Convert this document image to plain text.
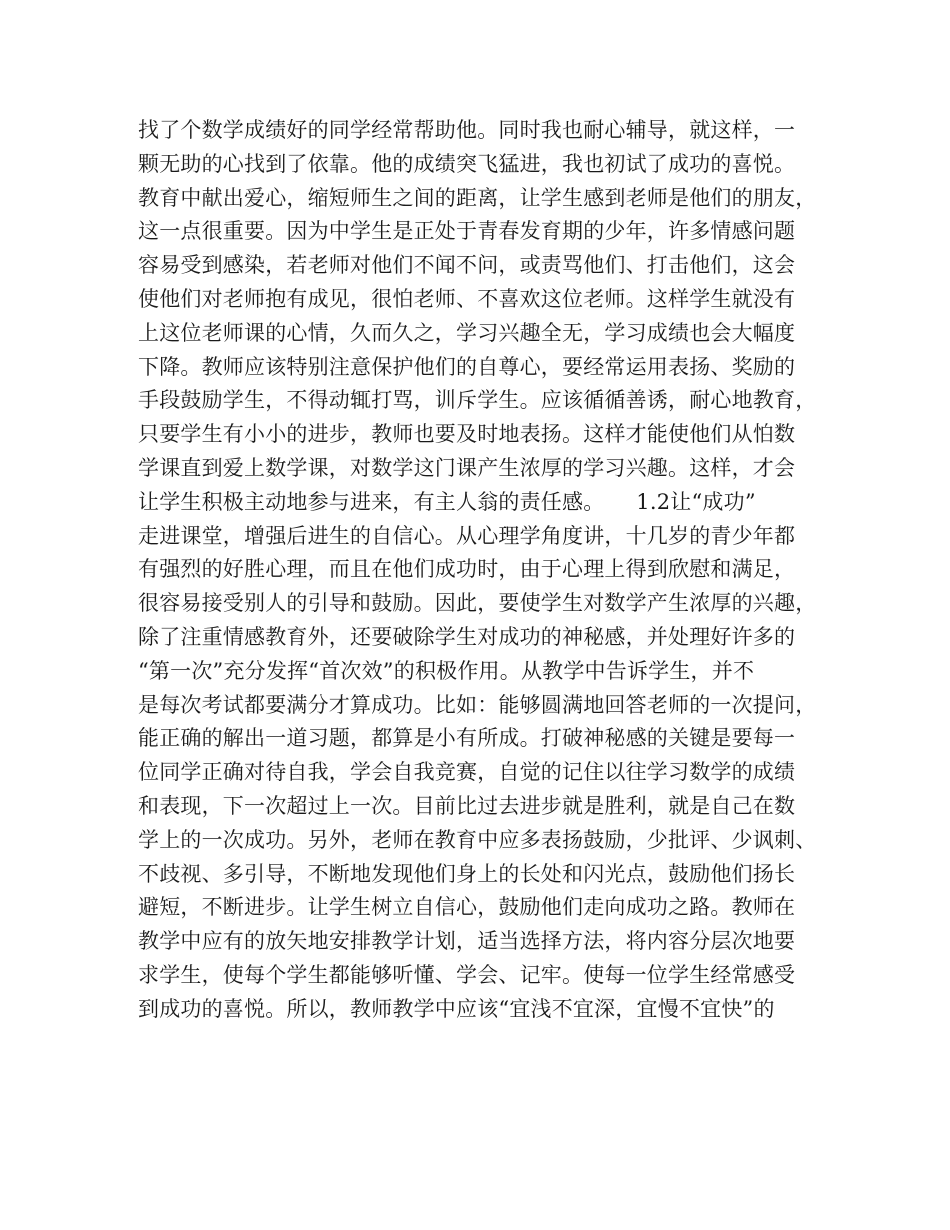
找了个数学成绩好的同学经常帮助他。同时我也耐心辅导，就这样，一
颗无助的心找到了依靠。他的成绩突飞猛进，我也初试了成功的喜悦。
教育中献出爱心，缩短师生之间的距离，让学生感到老师是他们的朋友，
这一点很重要。因为中学生是正处于青春发育期的少年，许多情感问题
容易受到感染，若老师对他们不闻不问，或责骂他们、打击他们，这会
使他们对老师抱有成见，很怕老师、不喜欢这位老师。这样学生就没有
上这位老师课的心情，久而久之，学习兴趣全无，学习成绩也会大幅度
下降。教师应该特别注意保护他们的自尊心，要经常运用表扬、奖励的
手段鼓励学生，不得动辄打骂，训斥学生。应该循循善诱，耐心地教育，
只要学生有小小的进步，教师也要及时地表扬。这样才能使他们从怕数
学课直到爱上数学课，对数学这门课产生浓厚的学习兴趣。这样，才会
让学生积极主动地参与进来，有主人翁的责任感。　　1.2让“成功”
走进课堂，增强后进生的自信心。从心理学角度讲，十几岁的青少年都
有强烈的好胜心理，而且在他们成功时，由于心理上得到欣慰和满足，
很容易接受别人的引导和鼓励。因此，要使学生对数学产生浓厚的兴趣，
除了注重情感教育外，还要破除学生对成功的神秘感，并处理好许多的
“第一次”充分发挥“首次效”的积极作用。从教学中告诉学生，并不
是每次考试都要满分才算成功。比如：能够圆满地回答老师的一次提问，
能正确的解出一道习题，都算是小有所成。打破神秘感的关键是要每一
位同学正确对待自我，学会自我竞赛，自觉的记住以往学习数学的成绩
和表现，下一次超过上一次。目前比过去进步就是胜利，就是自己在数
学上的一次成功。另外，老师在教育中应多表扬鼓励，少批评、少讽刺、
不歧视、多引导，不断地发现他们身上的长处和闪光点，鼓励他们扬长
避短，不断进步。让学生树立自信心，鼓励他们走向成功之路。教师在
教学中应有的放矢地安排教学计划，适当选择方法，将内容分层次地要
求学生，使每个学生都能够听懂、学会、记牢。使每一位学生经常感受
到成功的喜悦。所以，教师教学中应该“宜浅不宜深，宜慢不宜快”的
